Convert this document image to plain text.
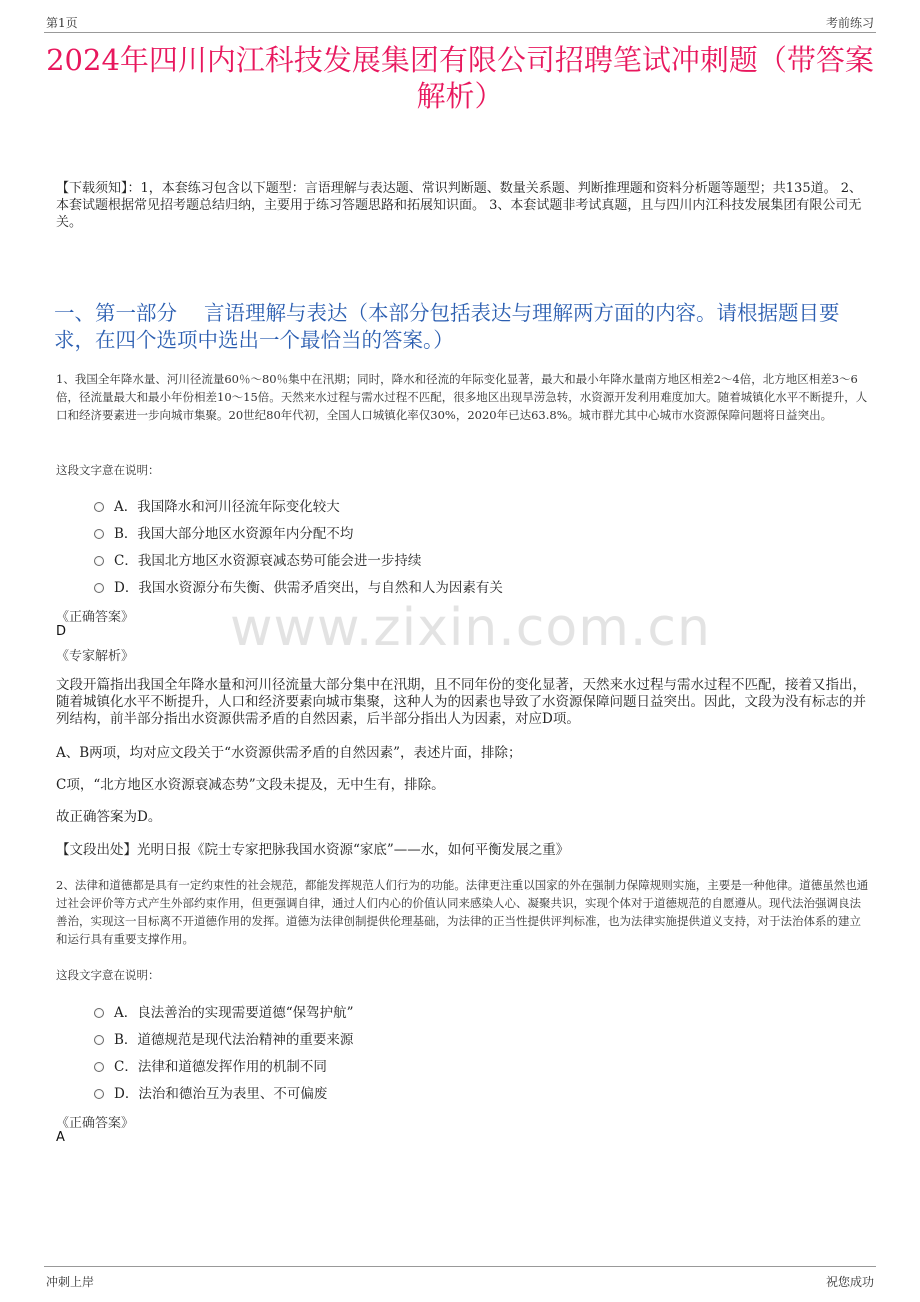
第1页	考前练习
2024年四川内江科技发展集团有限公司招聘笔试冲刺题（带答案解析）
【下载须知】：1，本套练习包含以下题型：言语理解与表达题、常识判断题、数量关系题、判断推理题和资料分析题等题型；共135道。 2、本套试题根据常见招考题总结归纳，主要用于练习答题思路和拓展知识面。 3、本套试题非考试真题，且与四川内江科技发展集团有限公司无关。
一、第一部分　 言语理解与表达（本部分包括表达与理解两方面的内容。请根据题目要求，在四个选项中选出一个最恰当的答案。）
1、我国全年降水量、河川径流量60％～80％集中在汛期；同时，降水和径流的年际变化显著，最大和最小年降水量南方地区相差2～4倍，北方地区相差3～6倍，径流量最大和最小年份相差10～15倍。天然来水过程与需水过程不匹配，很多地区出现旱涝急转，水资源开发利用难度加大。随着城镇化水平不断提升，人口和经济要素进一步向城市集聚。20世纪80年代初，全国人口城镇化率仅30%，2020年已达63.8%。城市群尤其中心城市水资源保障问题将日益突出。
这段文字意在说明：
A．我国降水和河川径流年际变化较大
B．我国大部分地区水资源年内分配不均
C．我国北方地区水资源衰减态势可能会进一步持续
D．我国水资源分布失衡、供需矛盾突出，与自然和人为因素有关
《正确答案》
D
《专家解析》 www.zixin.com.cn
文段开篇指出我国全年降水量和河川径流量大部分集中在汛期，且不同年份的变化显著，天然来水过程与需水过程不匹配，接着又指出，随着城镇化水平不断提升，人口和经济要素向城市集聚，这种人为的因素也导致了水资源保障问题日益突出。因此，文段为没有标志的并列结构，前半部分指出水资源供需矛盾的自然因素，后半部分指出人为因素，对应D项。
A、B两项，均对应文段关于“水资源供需矛盾的自然因素”，表述片面，排除；
C项，“北方地区水资源衰减态势”文段未提及，无中生有，排除。
故正确答案为D。
【文段出处】光明日报《院士专家把脉我国水资源“家底”——水，如何平衡发展之重》
2、法律和道德都是具有一定约束性的社会规范，都能发挥规范人们行为的功能。法律更注重以国家的外在强制力保障规则实施，主要是一种他律。道德虽然也通过社会评价等方式产生外部约束作用，但更强调自律，通过人们内心的价值认同来感染人心、凝聚共识，实现个体对于道德规范的自愿遵从。现代法治强调良法善治，实现这一目标离不开道德作用的发挥。道德为法律创制提供伦理基础，为法律的正当性提供评判标准，也为法律实施提供道义支持，对于法治体系的建立和运行具有重要支撑作用。
这段文字意在说明：
A．良法善治的实现需要道德“保驾护航”
B．道德规范是现代法治精神的重要来源
C．法律和道德发挥作用的机制不同
D．法治和德治互为表里、不可偏废
《正确答案》
A
冲刺上岸	祝您成功
